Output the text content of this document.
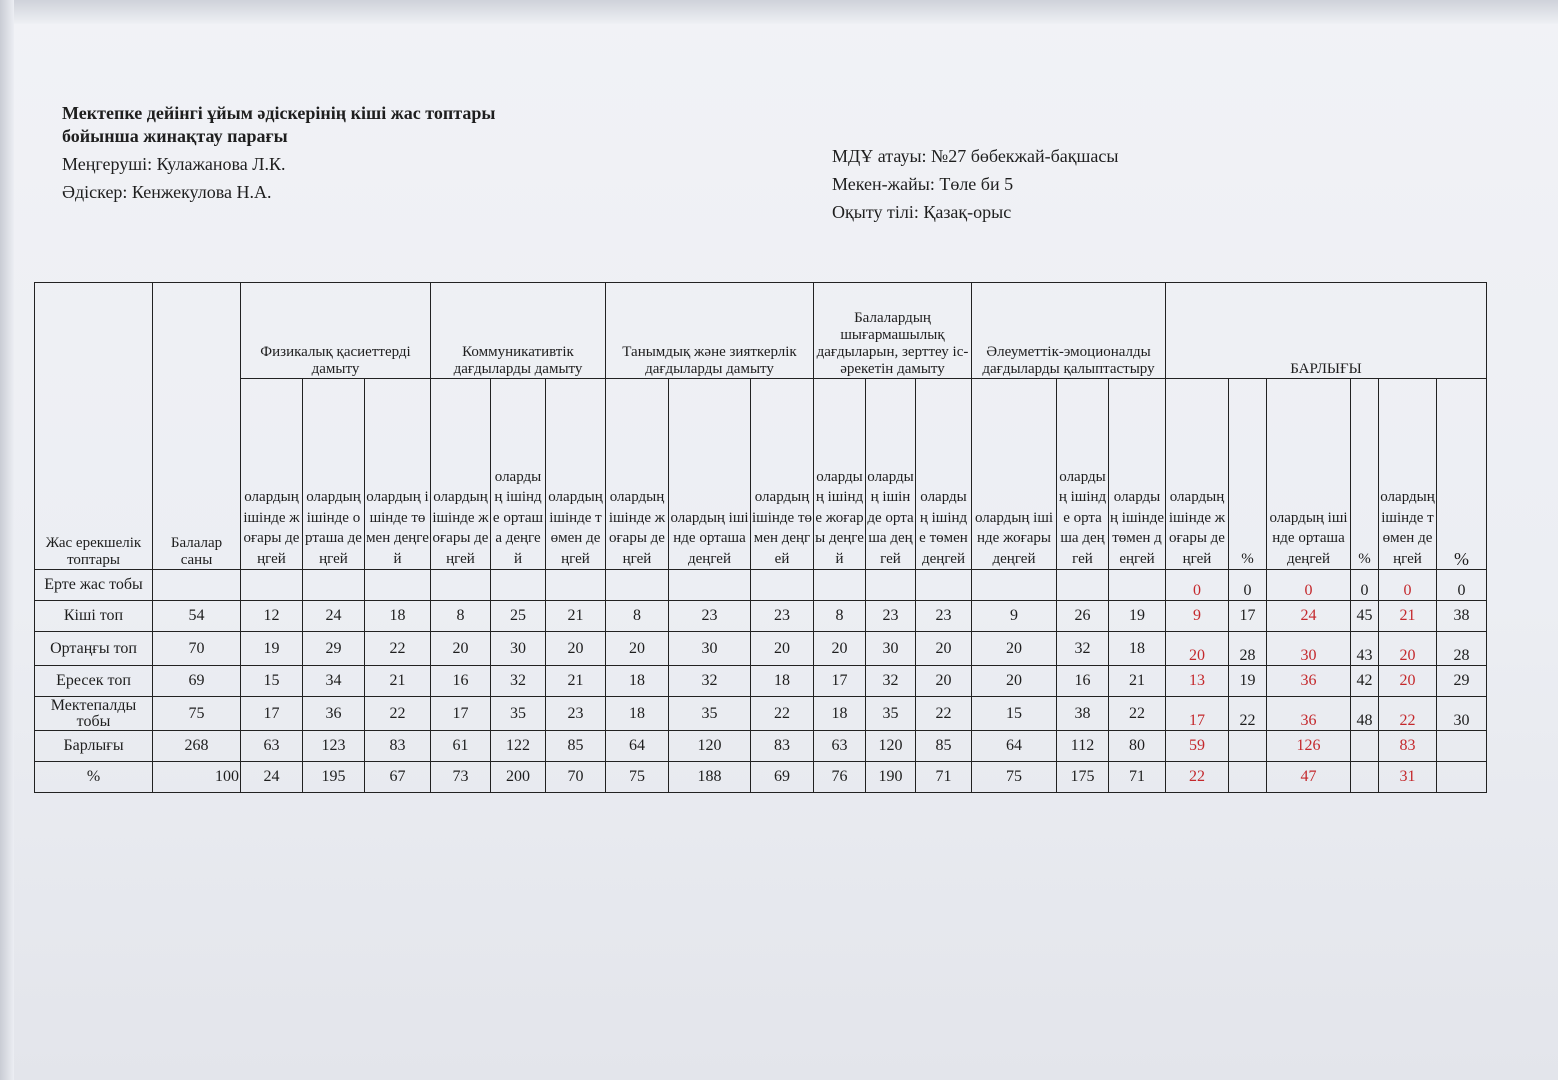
Мектепке дейінгі ұйым әдіскерінің кіші жас топтары
бойынша жинақтау парағы
Меңгеруші: Кулажанова Л.К.
Әдіскер: Кенжекулова Н.А.
МДҰ атауы: №27 бөбекжай-бақшасы
Мекен-жайы: Төле би 5
Оқыту тілі: Қазақ-орыс
Жас ерекшелік топтары	Балалар саны	Физикалық қасиеттерді дамыту			Коммуникативтік дағдыларды дамыту			Танымдық және зияткерлік дағдыларды дамыту			Балалардың шығармашылық дағдыларын, зерттеу іс-әрекетін дамыту			Әлеуметтік-эмоционалды дағдыларды қалыптастыру			БАРЛЫҒЫ					
		олардың ішінде жоғары деңгей	олардың ішінде орташа деңгей	олардың ішінде төмен деңгей	олардың ішінде жоғары деңгей	олардың ішінде орташа деңгей	олардың ішінде төмен деңгей	олардың ішінде жоғары деңгей	олардың ішінде орташа деңгей	олардың ішінде төмен деңгей	олардың ішінде жоғары деңгей	олардың ішінде орташа деңгей	олардың ішінде төмен деңгей	олардың ішінде жоғары деңгей	олардың ішінде орташа деңгей	олардың ішінде төмен деңгей	олардың ішінде жоғары деңгей	%	олардың ішінде орташа деңгей	%	олардың ішінде төмен деңгей	%
Ерте жас тобы																	0	0	0	0	0	0
Кіші топ	54	12	24	18	8	25	21	8	23	23	8	23	23	9	26	19	9	17	24	45	21	38
Ортаңғы топ	70	19	29	22	20	30	20	20	30	20	20	30	20	20	32	18	20	28	30	43	20	28
Ересек топ	69	15	34	21	16	32	21	18	32	18	17	32	20	20	16	21	13	19	36	42	20	29
Мектепалды тобы	75	17	36	22	17	35	23	18	35	22	18	35	22	15	38	22	17	22	36	48	22	30
Барлығы	268	63	123	83	61	122	85	64	120	83	63	120	85	64	112	80	59		126		83	
%	100	24	195	67	73	200	70	75	188	69	76	190	71	75	175	71	22		47		31	
